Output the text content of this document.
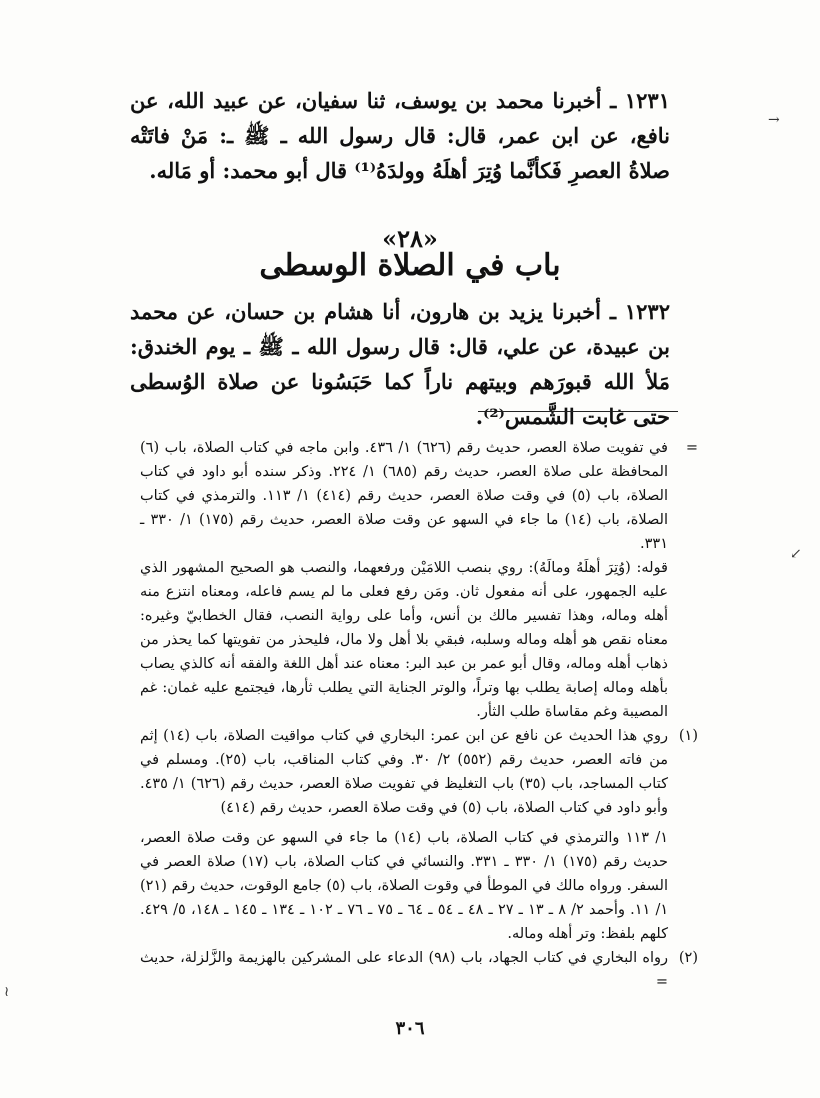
١٢٣١ ـ أخبرنا محمد بن يوسف، ثنا سفيان، عن عبيد الله، عن نافع، عن ابن عمر، قال: قال رسول الله ـ ﷺ ـ: مَنْ فاتَتْه صلاةُ العصرِ فَكأنَّما وُتِرَ أهلَهُ وولدَهُ⁽¹⁾ قال أبو محمد: أو مَاله.

«٢٨»
باب في الصلاة الوسطى

١٢٣٢ ـ أخبرنا يزيد بن هارون، أنا هشام بن حسان، عن محمد بن عبيدة، عن علي، قال: قال رسول الله ـ ﷺ ـ يوم الخندق: مَلأ الله قبورَهم وبيتهم ناراً كما حَبَسُونا عن صلاة الوُسطى حتى غابت الشَّمس⁽²⁾.

=
في تفويت صلاة العصر، حديث رقم (٦٢٦) ١/ ٤٣٦. وابن ماجه في كتاب الصلاة، باب (٦) المحافظة على صلاة العصر، حديث رقم (٦٨٥) ١/ ٢٢٤. وذكر سنده أبو داود في كتاب الصلاة، باب (٥) في وقت صلاة العصر، حديث رقم (٤١٤) ١/ ١١٣. والترمذي في كتاب الصلاة، باب (١٤) ما جاء في السهو عن وقت صلاة العصر، حديث رقم (١٧٥) ١/ ٣٣٠ ـ ٣٣١.
قوله: (وُتِرَ أهلَهُ ومالَهُ): روي بنصب اللامَيْن ورفعهما، والنصب هو الصحيح المشهور الذي عليه الجمهور، على أنه مفعول ثان. ومَن رفع فعلى ما لم يسم فاعله، ومعناه انتزع منه أهله وماله، وهذا تفسير مالك بن أنس، وأما على رواية النصب، فقال الخطابيّ وغيره: معناه نقص هو أهله وماله وسلبه، فبقي بلا أهل ولا مال، فليحذر من تفويتها كما يحذر من ذهاب أهله وماله، وقال أبو عمر بن عبد البر: معناه عند أهل اللغة والفقه أنه كالذي يصاب بأهله وماله إصابة يطلب بها وتراً، والوتر الجناية التي يطلب ثأرها، فيجتمع عليه غمان: غم المصيبة وغم مقاساة طلب الثأر.
(١)
روي هذا الحديث عن نافع عن ابن عمر: البخاري في كتاب مواقيت الصلاة، باب (١٤) إثم من فاته العصر، حديث رقم (٥٥٢) ٢/ ٣٠. وفي كتاب المناقب، باب (٢٥). ومسلم في كتاب المساجد، باب (٣٥) باب التغليظ في تفويت صلاة العصر، حديث رقم (٦٢٦) ١/ ٤٣٥. وأبو داود في كتاب الصلاة، باب (٥) في وقت صلاة العصر، حديث رقم (٤١٤)
١/ ١١٣ والترمذي في كتاب الصلاة، باب (١٤) ما جاء في السهو عن وقت صلاة العصر، حديث رقم (١٧٥) ١/ ٣٣٠ ـ ٣٣١. والنسائي في كتاب الصلاة، باب (١٧) صلاة العصر في السفر. ورواه مالك في الموطأ في وقوت الصلاة، باب (٥) جامع الوقوت، حديث رقم (٢١) ١/ ١١. وأحمد ٢/ ٨ ـ ١٣ ـ ٢٧ ـ ٤٨ ـ ٥٤ ـ ٦٤ ـ ٧٥ ـ ٧٦ ـ ١٠٢ ـ ١٣٤ ـ ١٤٥ ـ ١٤٨، ٥/ ٤٢٩. كلهم بلفظ: وتر أهله وماله.
(٢)
رواه البخاري في كتاب الجهاد، باب (٩٨) الدعاء على المشركين بالهزيمة والزَّلزلة، حديث =
٣٠٦
→
↙
≀
